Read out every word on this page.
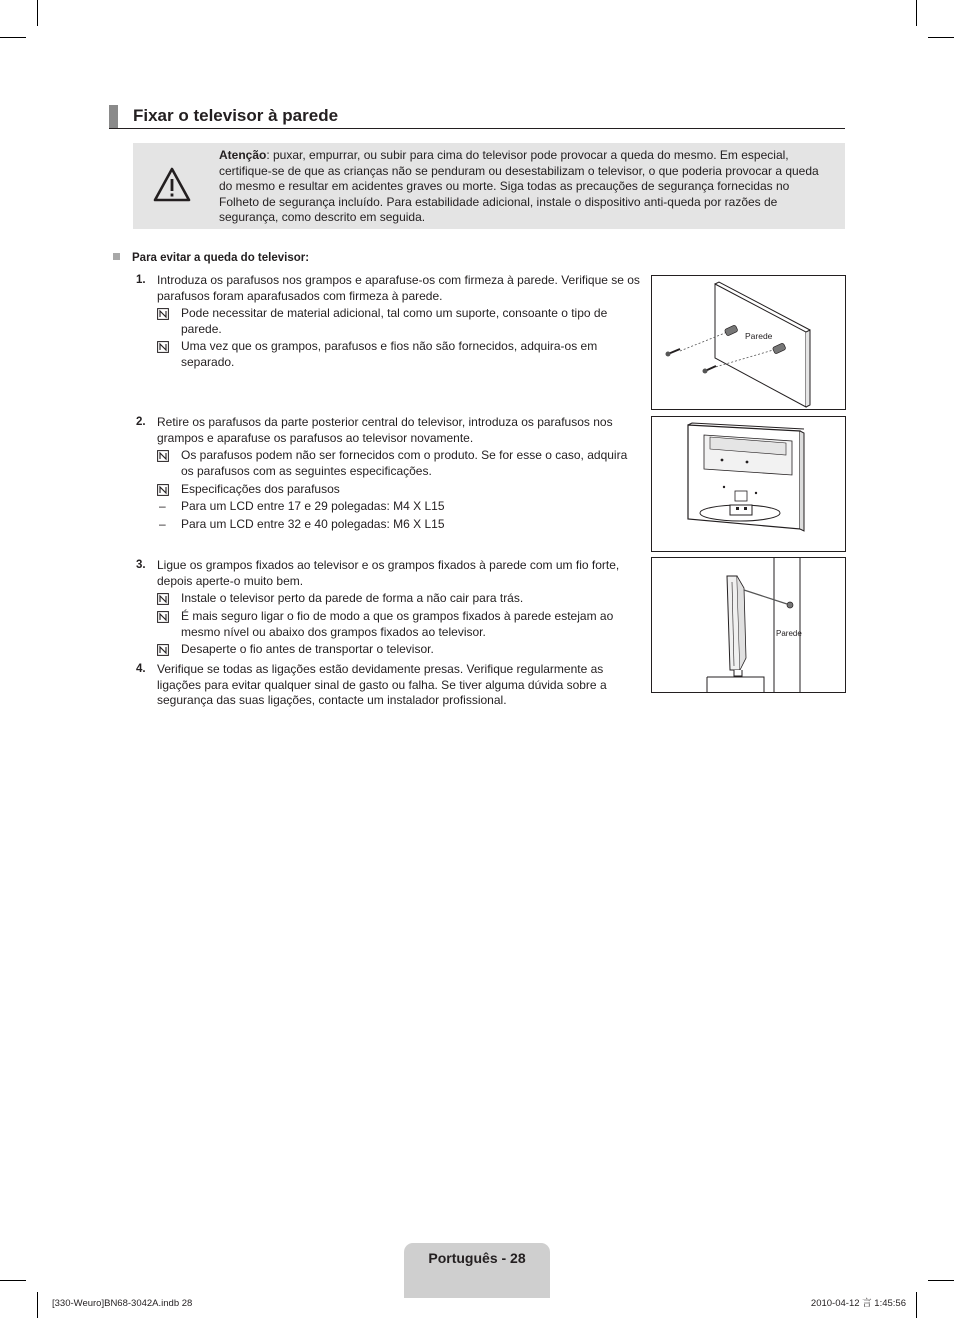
Fixar o televisor à parede
Atenção: puxar, empurrar, ou subir para cima do televisor pode provocar a queda do mesmo. Em especial, certifique-se de que as crianças não se penduram ou desestabilizam o televisor, o que poderia provocar a queda do mesmo e resultar em acidentes graves ou morte. Siga todas as precauções de segurança fornecidas no Folheto de segurança incluído. Para estabilidade adicional, instale o dispositivo anti-queda por razões de segurança, como descrito em seguida.
Para evitar a queda do televisor:
1. Introduza os parafusos nos grampos e aparafuse-os com firmeza à parede. Verifique se os parafusos foram aparafusados com firmeza à parede.
Pode necessitar de material adicional, tal como um suporte, consoante o tipo de parede.
Uma vez que os grampos, parafusos e fios não são fornecidos, adquira-os em separado.
2. Retire os parafusos da parte posterior central do televisor, introduza os parafusos nos grampos e aparafuse os parafusos ao televisor novamente.
Os parafusos podem não ser fornecidos com o produto. Se for esse o caso, adquira os parafusos com as seguintes especificações.
Especificações dos parafusos
– Para um LCD entre 17 e 29 polegadas: M4 X L15
– Para um LCD entre 32 e 40 polegadas: M6 X L15
3. Ligue os grampos fixados ao televisor e os grampos fixados à parede com um fio forte, depois aperte-o muito bem.
Instale o televisor perto da parede de forma a não cair para trás.
É mais seguro ligar o fio de modo a que os grampos fixados à parede estejam ao mesmo nível ou abaixo dos grampos fixados ao televisor.
Desaperte o fio antes de transportar o televisor.
4. Verifique se todas as ligações estão devidamente presas. Verifique regularmente as ligações para evitar qualquer sinal de gasto ou falha. Se tiver alguma dúvida sobre a segurança das suas ligações, contacte um instalador profissional.
Parede
Parede
Português - 28
[330-Weuro]BN68-3042A.indb 28	2010-04-12 言 1:45:56
